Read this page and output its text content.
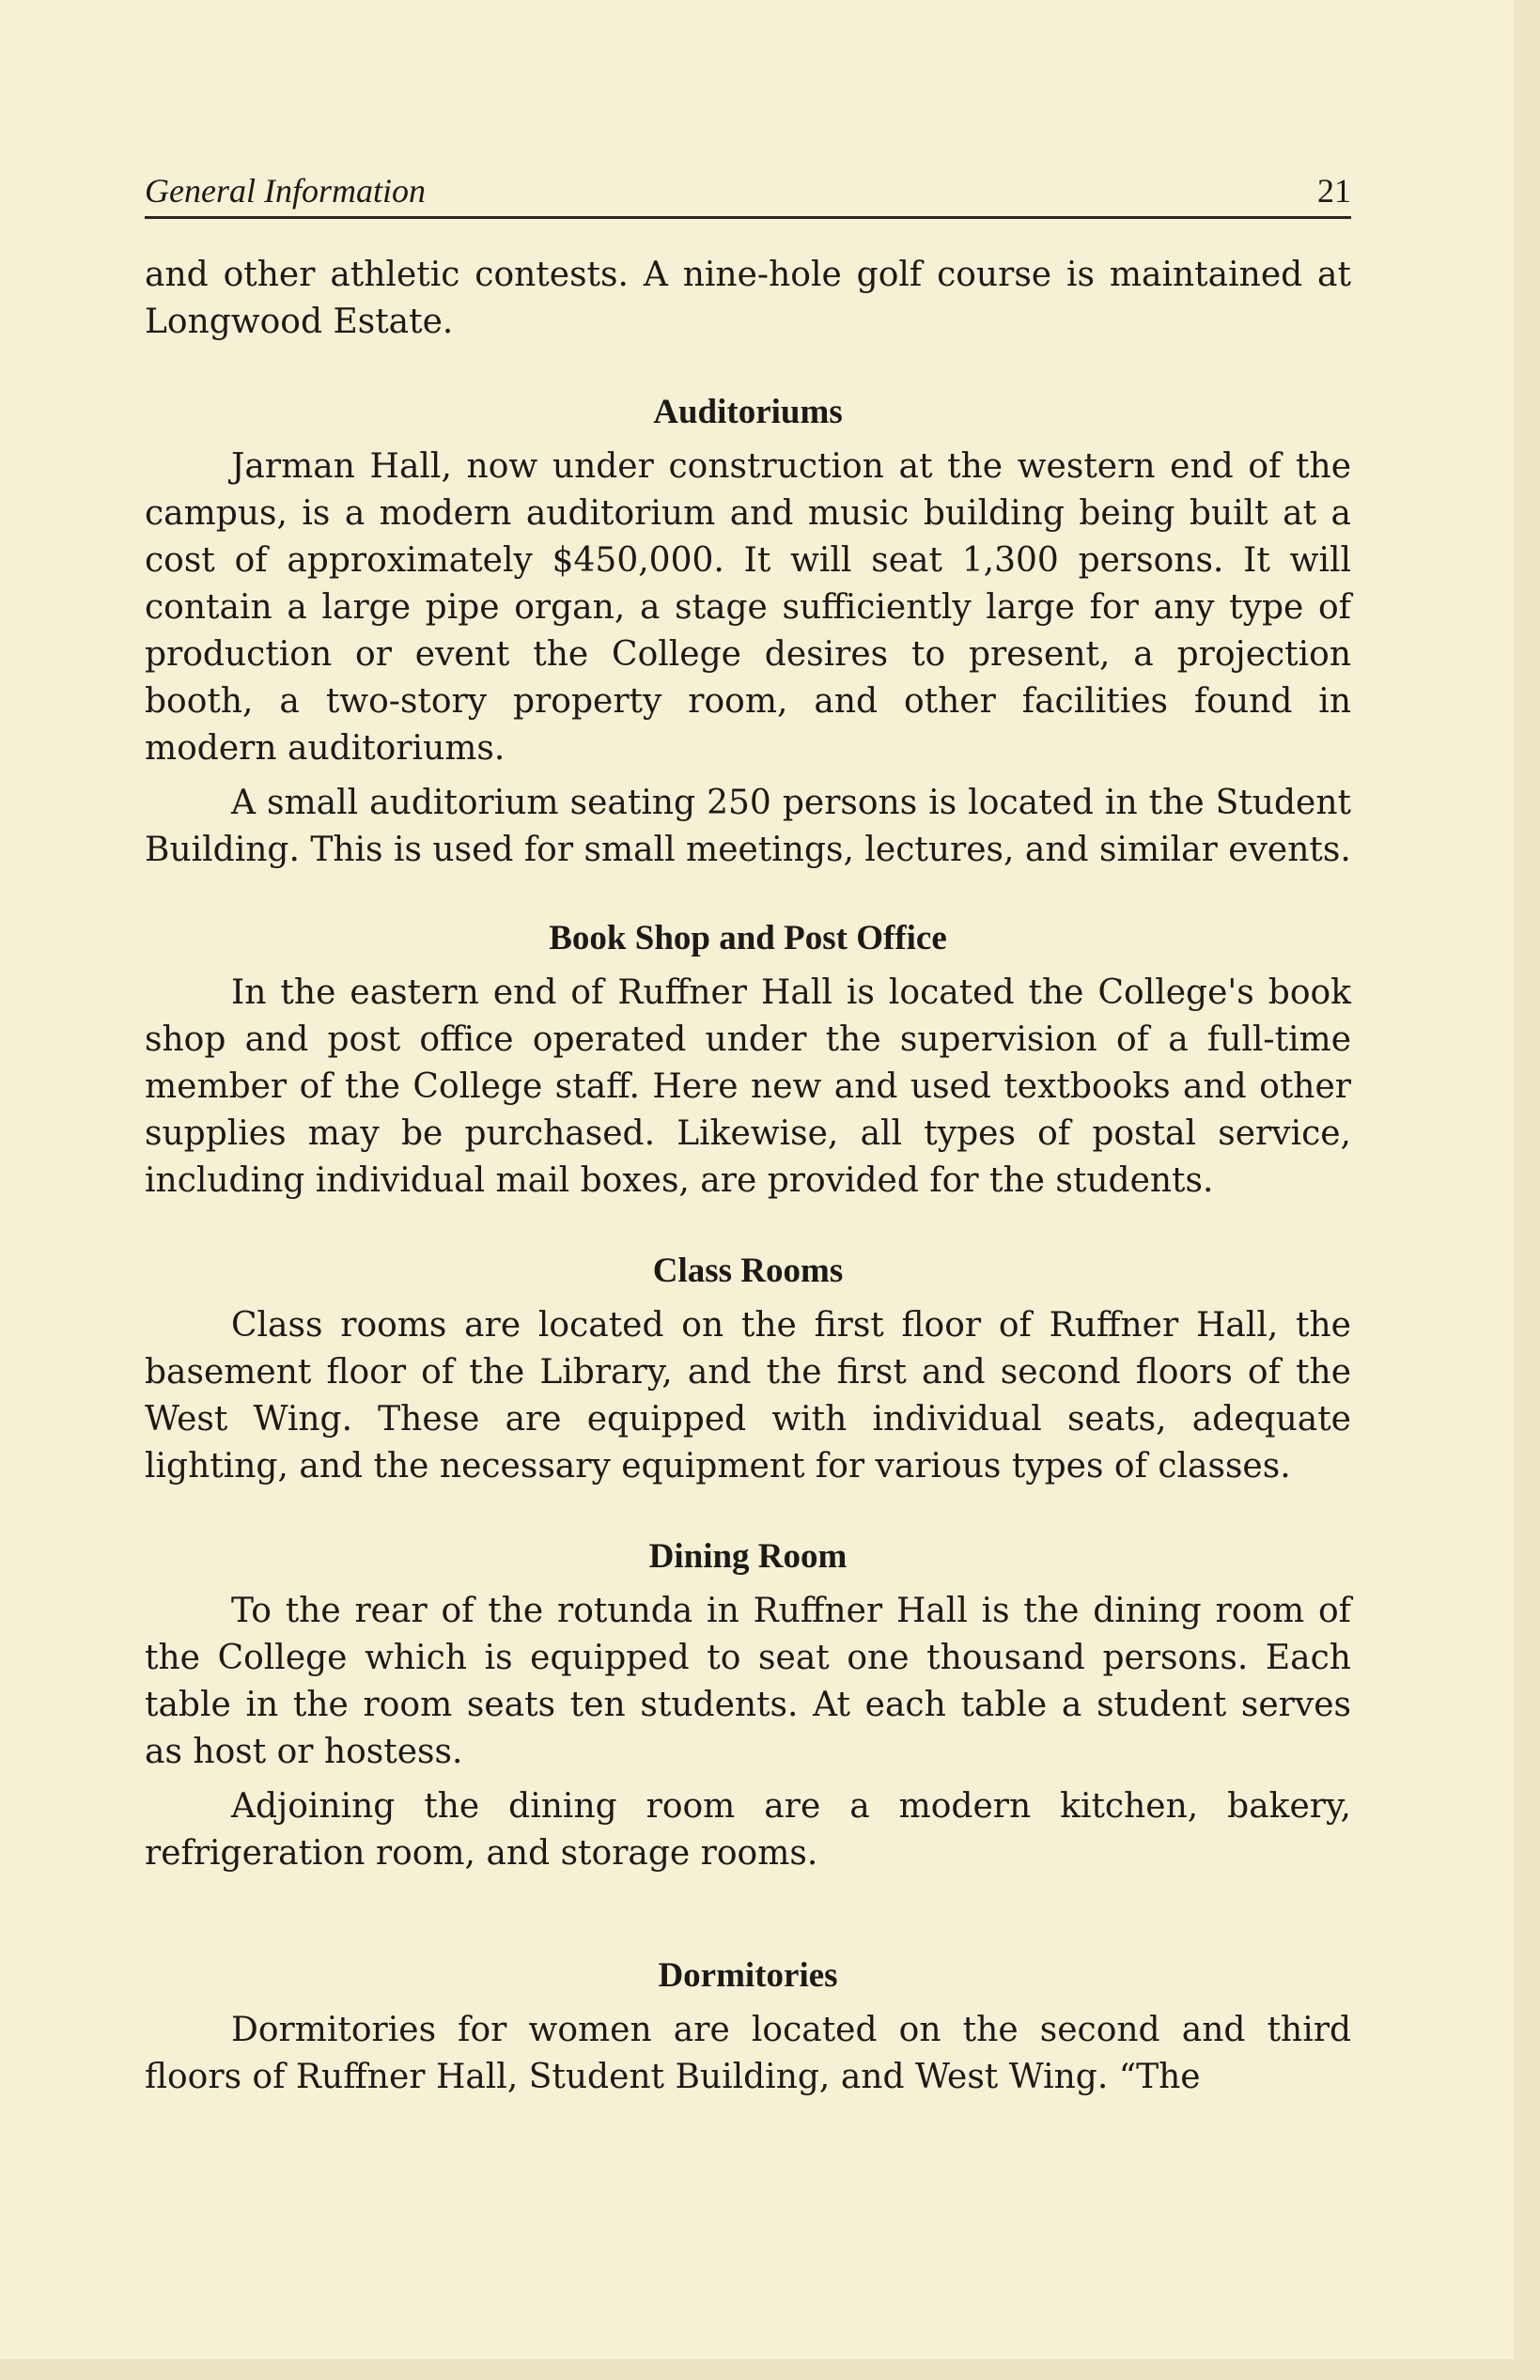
General Information	21

and other athletic contests. A nine-hole golf course is maintained at Longwood Estate.

Auditoriums

Jarman Hall, now under construction at the western end of the campus, is a modern auditorium and music building being built at a cost of approximately $450,000. It will seat 1,300 persons. It will contain a large pipe organ, a stage sufficiently large for any type of production or event the College desires to present, a projection booth, a two-story property room, and other facilities found in modern auditoriums.

A small auditorium seating 250 persons is located in the Student Building. This is used for small meetings, lectures, and similar events.

Book Shop and Post Office

In the eastern end of Ruffner Hall is located the College's book shop and post office operated under the supervision of a full-time member of the College staff. Here new and used textbooks and other supplies may be purchased. Likewise, all types of postal service, including individual mail boxes, are provided for the students.

Class Rooms

Class rooms are located on the first floor of Ruffner Hall, the basement floor of the Library, and the first and second floors of the West Wing. These are equipped with individual seats, adequate lighting, and the necessary equipment for various types of classes.

Dining Room

To the rear of the rotunda in Ruffner Hall is the dining room of the College which is equipped to seat one thousand persons. Each table in the room seats ten students. At each table a student serves as host or hostess.

Adjoining the dining room are a modern kitchen, bakery, refrigeration room, and storage rooms.

Dormitories

Dormitories for women are located on the second and third floors of Ruffner Hall, Student Building, and West Wing. “The
